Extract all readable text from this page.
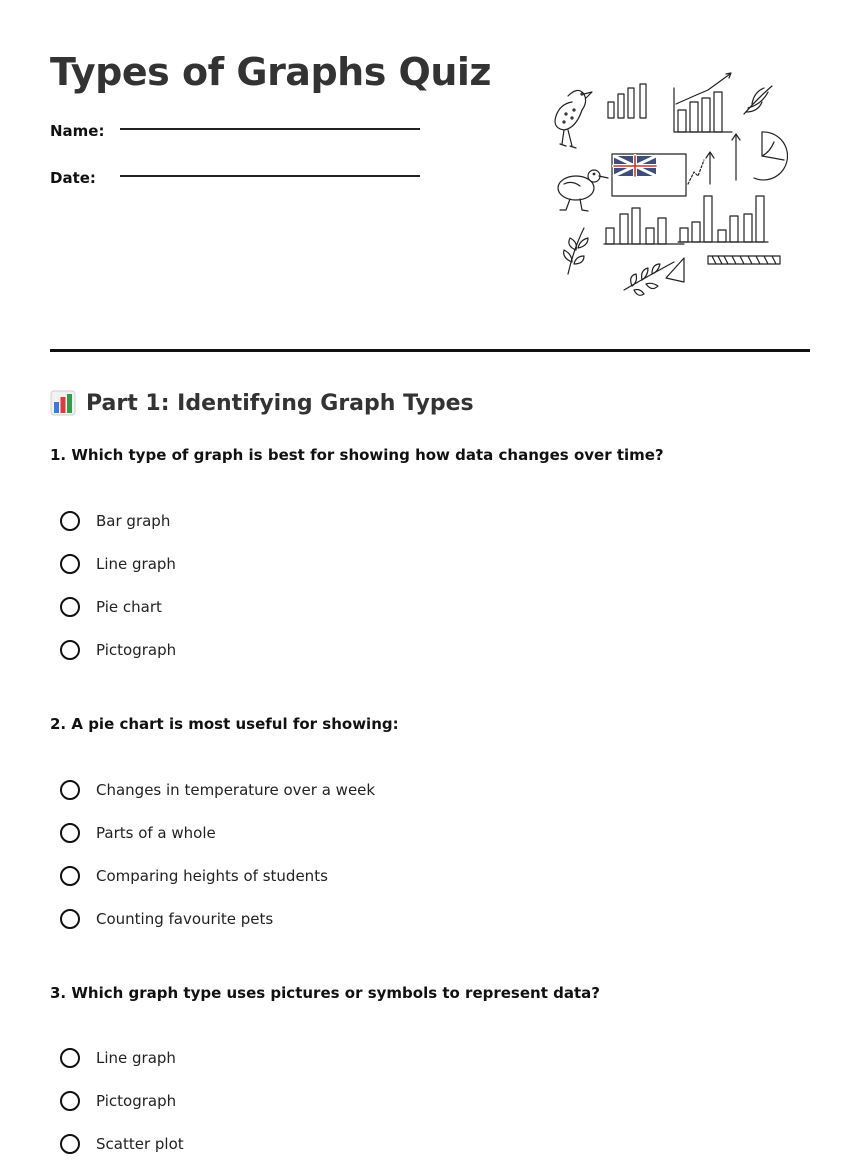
Types of Graphs Quiz
Name:
Date:
Part 1: Identifying Graph Types

1. Which type of graph is best for showing how data changes over time?

Bar graph
Line graph
Pie chart
Pictograph

2. A pie chart is most useful for showing:

Changes in temperature over a week
Parts of a whole
Comparing heights of students
Counting favourite pets

3. Which graph type uses pictures or symbols to represent data?

Line graph
Pictograph
Scatter plot
